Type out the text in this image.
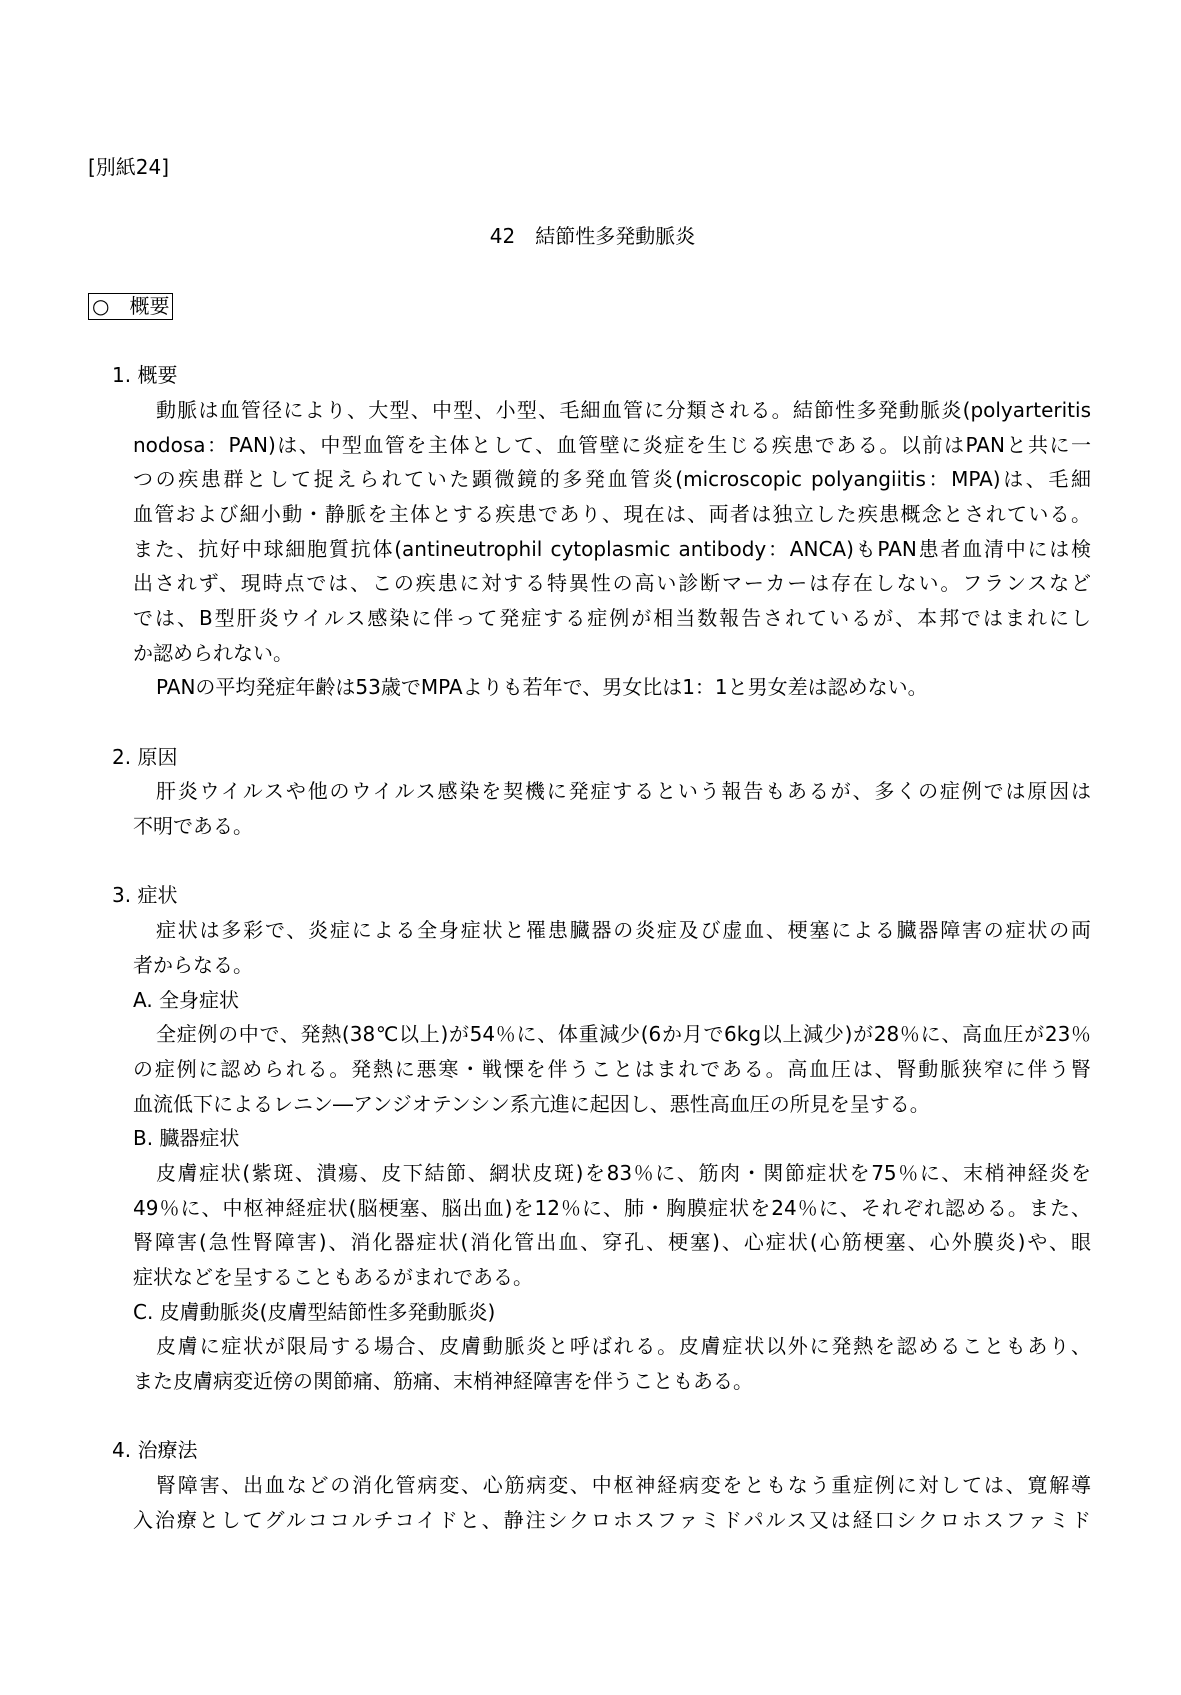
[別紙24]
42　結節性多発動脈炎
○　概要
1. 概要
動脈は血管径により、大型、中型、小型、毛細血管に分類される。結節性多発動脈炎(polyarteritis
nodosa：PAN)は、中型血管を主体として、血管壁に炎症を生じる疾患である。以前はPANと共に一
つの疾患群として捉えられていた顕微鏡的多発血管炎(microscopic polyangiitis：MPA)は、毛細
血管および細小動・静脈を主体とする疾患であり、現在は、両者は独立した疾患概念とされている。
また、抗好中球細胞質抗体(antineutrophil cytoplasmic antibody：ANCA)もPAN患者血清中には検
出されず、現時点では、この疾患に対する特異性の高い診断マーカーは存在しない。フランスなど
では、B型肝炎ウイルス感染に伴って発症する症例が相当数報告されているが、本邦ではまれにし
か認められない。
PANの平均発症年齢は53歳でMPAよりも若年で、男女比は1：1と男女差は認めない。
2. 原因
肝炎ウイルスや他のウイルス感染を契機に発症するという報告もあるが、多くの症例では原因は
不明である。
3. 症状
症状は多彩で、炎症による全身症状と罹患臓器の炎症及び虚血、梗塞による臓器障害の症状の両
者からなる。
A. 全身症状
全症例の中で、発熱(38℃以上)が54％に、体重減少(6か月で6kg以上減少)が28％に、高血圧が23％
の症例に認められる。発熱に悪寒・戦慄を伴うことはまれである。高血圧は、腎動脈狭窄に伴う腎
血流低下によるレニン―アンジオテンシン系亢進に起因し、悪性高血圧の所見を呈する。
B. 臓器症状
皮膚症状(紫斑、潰瘍、皮下結節、網状皮斑)を83％に、筋肉・関節症状を75％に、末梢神経炎を
49％に、中枢神経症状(脳梗塞、脳出血)を12％に、肺・胸膜症状を24％に、それぞれ認める。また、
腎障害(急性腎障害)、消化器症状(消化管出血、穿孔、梗塞)、心症状(心筋梗塞、心外膜炎)や、眼
症状などを呈することもあるがまれである。
C. 皮膚動脈炎(皮膚型結節性多発動脈炎)
皮膚に症状が限局する場合、皮膚動脈炎と呼ばれる。皮膚症状以外に発熱を認めることもあり、
また皮膚病変近傍の関節痛、筋痛、末梢神経障害を伴うこともある。
4. 治療法
腎障害、出血などの消化管病変、心筋病変、中枢神経病変をともなう重症例に対しては、寛解導
入治療としてグルココルチコイドと、静注シクロホスファミドパルス又は経口シクロホスファミド
